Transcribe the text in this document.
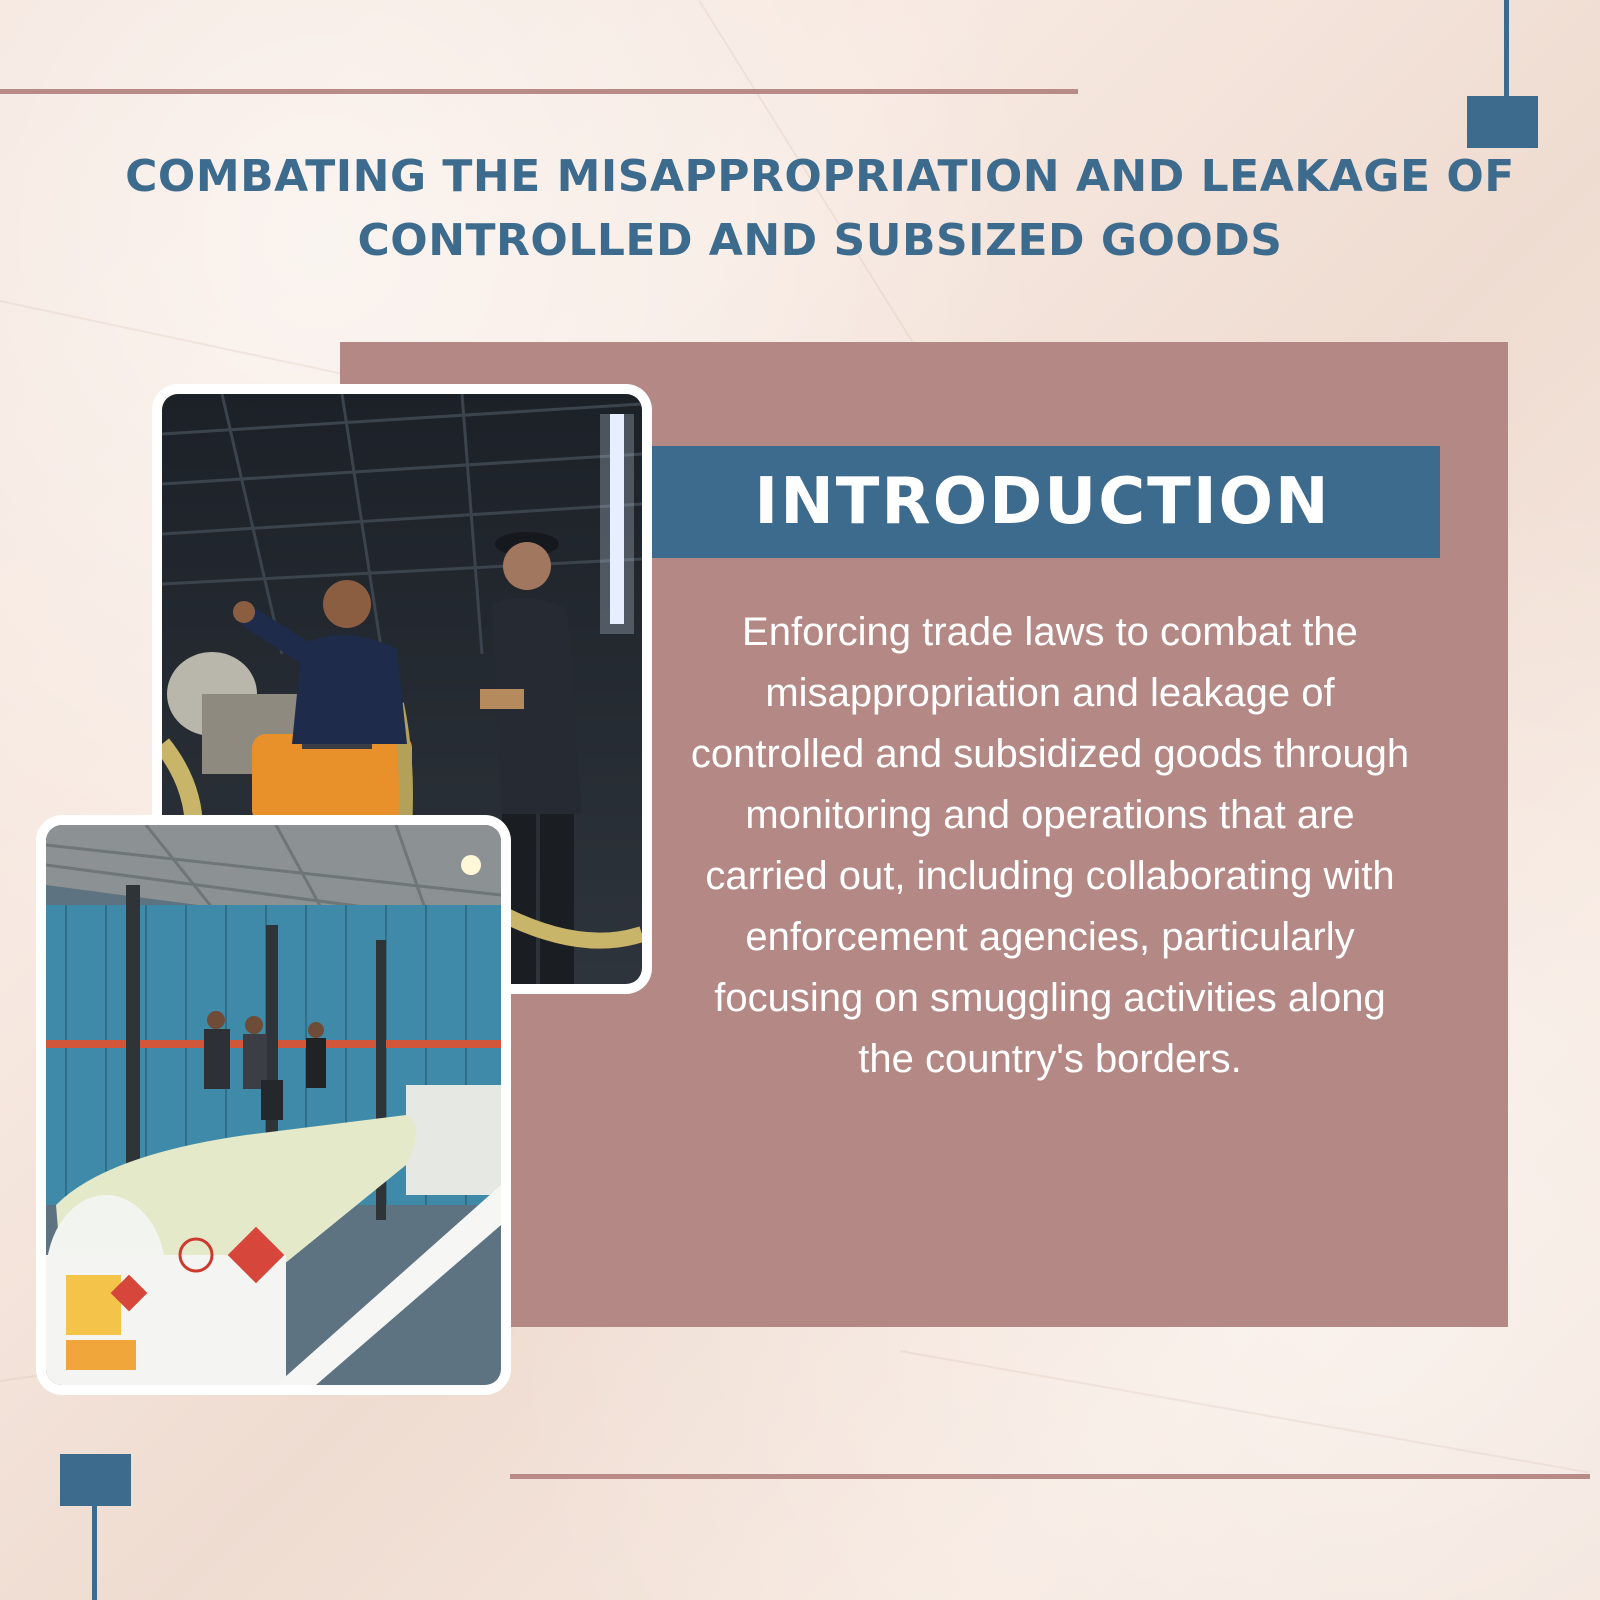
COMBATING THE MISAPPROPRIATION AND LEAKAGE OF
CONTROLLED AND SUBSIZED GOODS
INTRODUCTION

Enforcing trade laws to combat the misappropriation and leakage of controlled and subsidized goods through monitoring and operations that are carried out, including collaborating with enforcement agencies, particularly focusing on smuggling activities along the country's borders.
